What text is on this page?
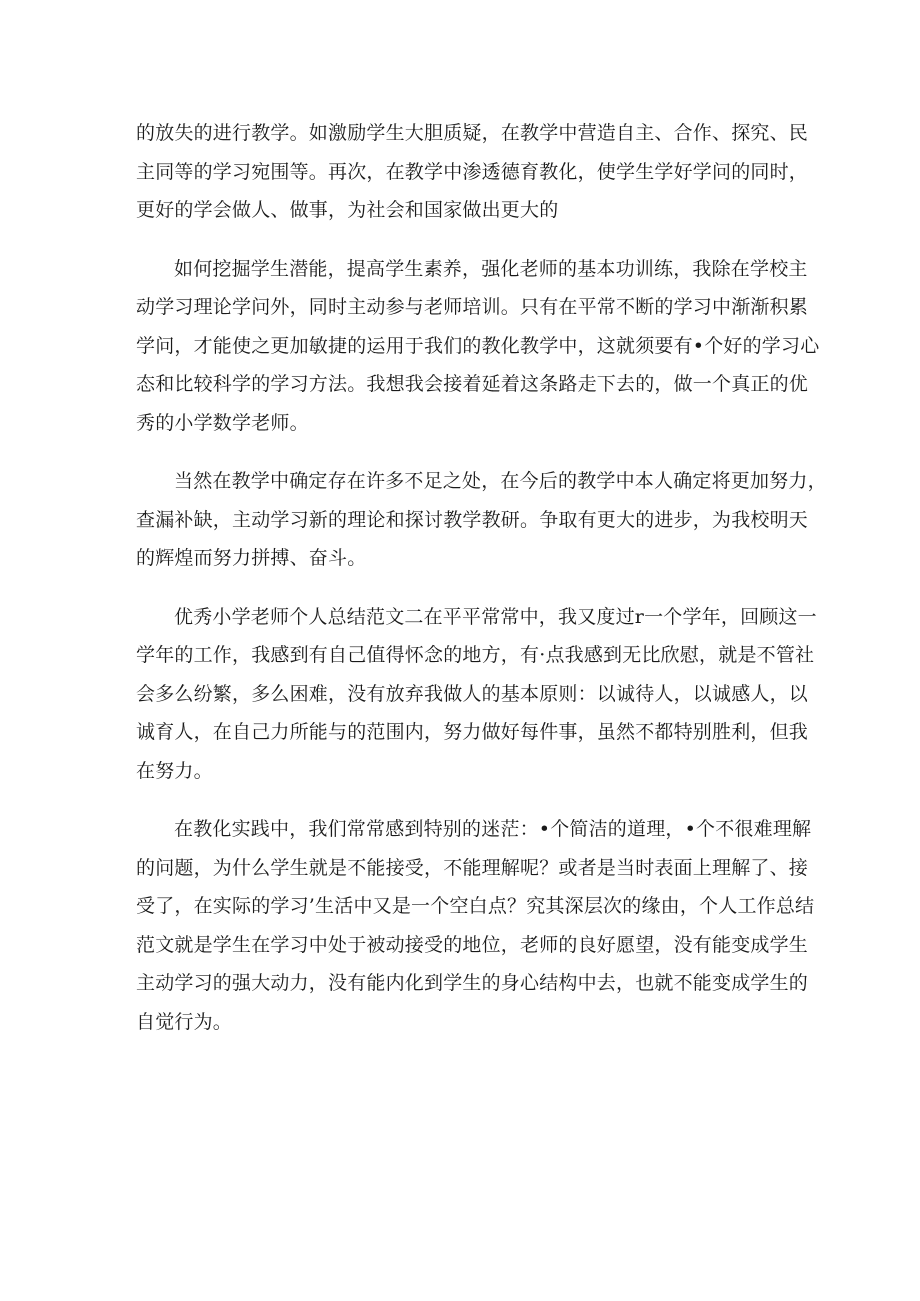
的放失的进行教学。如激励学生大胆质疑，在教学中营造自主、合作、探究、民
主同等的学习宛围等。再次，在教学中渗透德育教化，使学生学好学问的同时，
更好的学会做人、做事，为社会和国家做出更大的

如何挖掘学生潜能，提高学生素养，强化老师的基本功训练，我除在学校主
动学习理论学问外，同时主动参与老师培训。只有在平常不断的学习中渐渐积累
学问，才能使之更加敏捷的运用于我们的教化教学中，这就须要有•个好的学习心
态和比较科学的学习方法。我想我会接着延着这条路走下去的，做一个真正的优
秀的小学数学老师。

当然在教学中确定存在许多不足之处，在今后的教学中本人确定将更加努力，
查漏补缺，主动学习新的理论和探讨教学教研。争取有更大的进步，为我校明天
的辉煌而努力拼搏、奋斗。

优秀小学老师个人总结范文二在平平常常中，我又度过r一个学年，回顾这一
学年的工作，我感到有自己值得怀念的地方，有·点我感到无比欣慰，就是不管社
会多么纷繁，多么困难，没有放弃我做人的基本原则：以诚待人，以诚感人，以
诚育人，在自己力所能与的范围内，努力做好每件事，虽然不都特别胜利，但我
在努力。

在教化实践中，我们常常感到特别的迷茫：•个简洁的道理，•个不很难理解
的问题，为什么学生就是不能接受，不能理解呢？或者是当时表面上理解了、接
受了，在实际的学习’生活中又是一个空白点？究其深层次的缘由，个人工作总结
范文就是学生在学习中处于被动接受的地位，老师的良好愿望，没有能变成学生
主动学习的强大动力，没有能内化到学生的身心结构中去，也就不能变成学生的
自觉行为。
